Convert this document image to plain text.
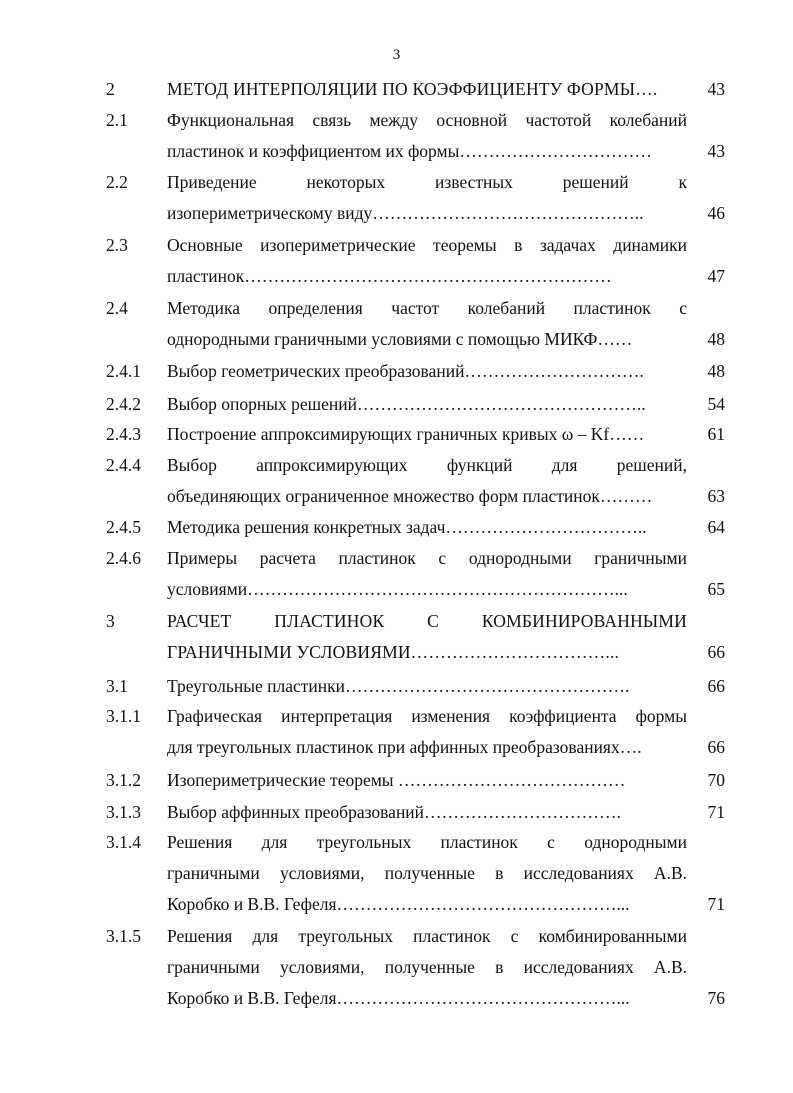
3
2	МЕТОД ИНТЕРПОЛЯЦИИ ПО КОЭФФИЦИЕНТУ ФОРМЫ….	43
2.1 Функциональная связь между основной частотой колебаний
пластинок и коэффициентом их формы……………………………	43
2.2 Приведение некоторых известных решений к
изопериметрическому виду………………………………………..	46
2.3 Основные изопериметрические теоремы в задачах динамики
пластинок………………………………………………………	47
2.4 Методика определения частот колебаний пластинок с
однородными граничными условиями с помощью МИКФ……	48
2.4.1 Выбор геометрических преобразований………………………….	48
2.4.2 Выбор опорных решений…………………………………………..	54
2.4.3 Построение аппроксимирующих граничных кривых ω – Kf……	61
2.4.4 Выбор аппроксимирующих функций для решений,
объединяющих ограниченное множество форм пластинок………	63
2.4.5 Методика решения конкретных задач……………………………..	64
2.4.6 Примеры расчета пластинок с однородными граничными
условиями………………………………………………………...	65
3	РАСЧЕТ ПЛАСТИНОК С КОМБИНИРОВАННЫМИ
ГРАНИЧНЫМИ УСЛОВИЯМИ……………………………...	66
3.1 Треугольные пластинки………………………………………….	66
3.1.1 Графическая интерпретация изменения коэффициента формы
для треугольных пластинок при аффинных преобразованиях….	66
3.1.2 Изопериметрические теоремы …………………………………	70
3.1.3 Выбор аффинных преобразований…………………………….	71
3.1.4 Решения для треугольных пластинок с однородными
граничными условиями, полученные в исследованиях А.В.
Коробко и В.В. Гефеля…………………………………………...	71
3.1.5 Решения для треугольных пластинок с комбинированными
граничными условиями, полученные в исследованиях А.В.
Коробко и В.В. Гефеля…………………………………………...	76
